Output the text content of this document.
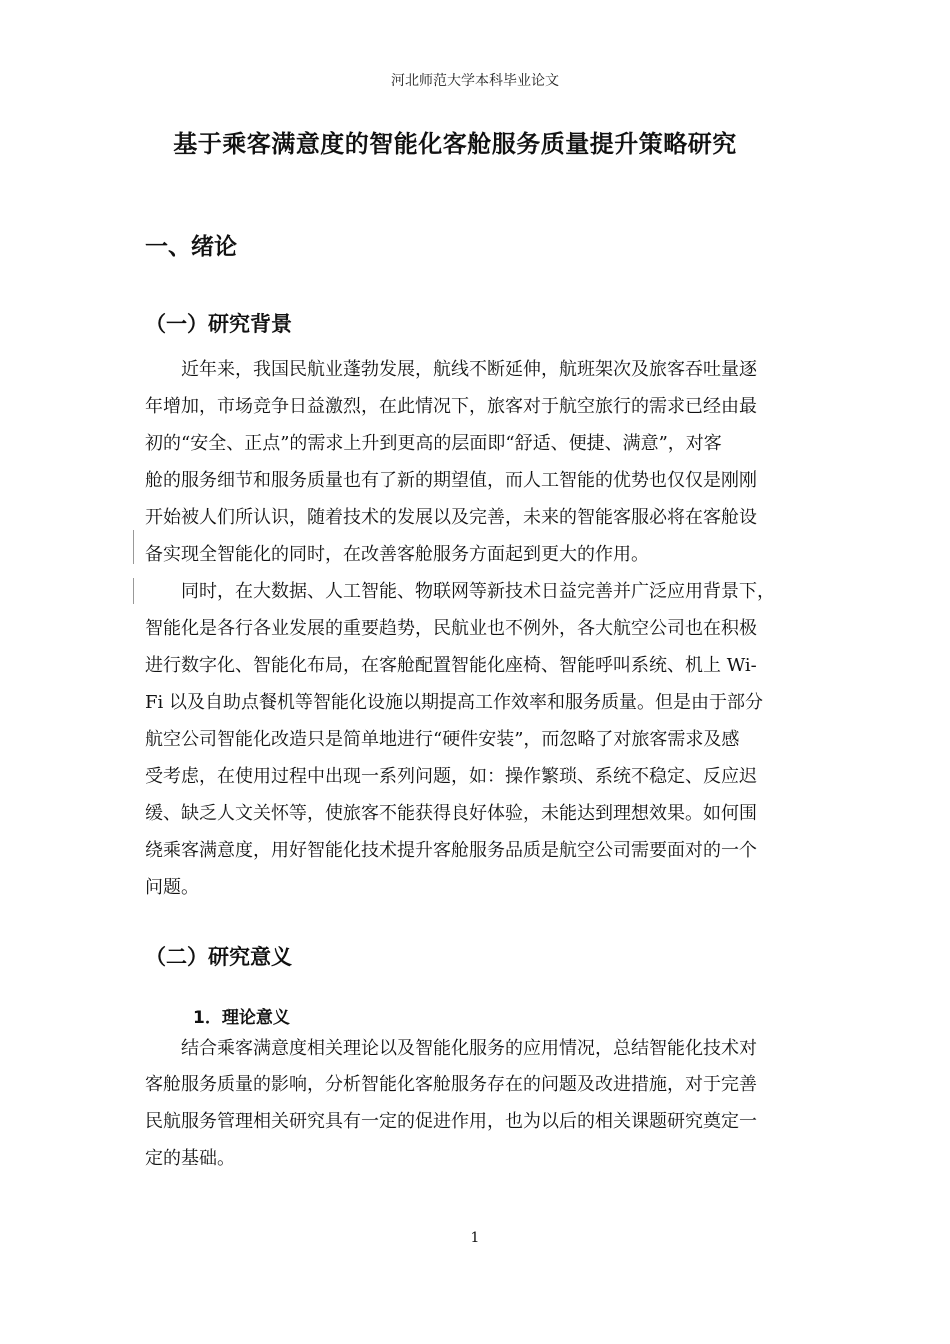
河北师范大学本科毕业论文
基于乘客满意度的智能化客舱服务质量提升策略研究
一、绪论
（一）研究背景
近年来，我国民航业蓬勃发展，航线不断延伸，航班架次及旅客吞吐量逐
年增加，市场竞争日益激烈，在此情况下，旅客对于航空旅行的需求已经由最
初的“安全、正点”的需求上升到更高的层面即“舒适、便捷、满意”，对客
舱的服务细节和服务质量也有了新的期望值，而人工智能的优势也仅仅是刚刚
开始被人们所认识，随着技术的发展以及完善，未来的智能客服必将在客舱设
备实现全智能化的同时，在改善客舱服务方面起到更大的作用。
同时，在大数据、人工智能、物联网等新技术日益完善并广泛应用背景下，
智能化是各行各业发展的重要趋势，民航业也不例外，各大航空公司也在积极
进行数字化、智能化布局，在客舱配置智能化座椅、智能呼叫系统、机上 Wi-
Fi 以及自助点餐机等智能化设施以期提高工作效率和服务质量。但是由于部分
航空公司智能化改造只是简单地进行“硬件安装”，而忽略了对旅客需求及感
受考虑，在使用过程中出现一系列问题，如：操作繁琐、系统不稳定、反应迟
缓、缺乏人文关怀等，使旅客不能获得良好体验，未能达到理想效果。如何围
绕乘客满意度，用好智能化技术提升客舱服务品质是航空公司需要面对的一个
问题。
（二）研究意义
1．理论意义
结合乘客满意度相关理论以及智能化服务的应用情况，总结智能化技术对
客舱服务质量的影响，分析智能化客舱服务存在的问题及改进措施，对于完善
民航服务管理相关研究具有一定的促进作用，也为以后的相关课题研究奠定一
定的基础。
1
